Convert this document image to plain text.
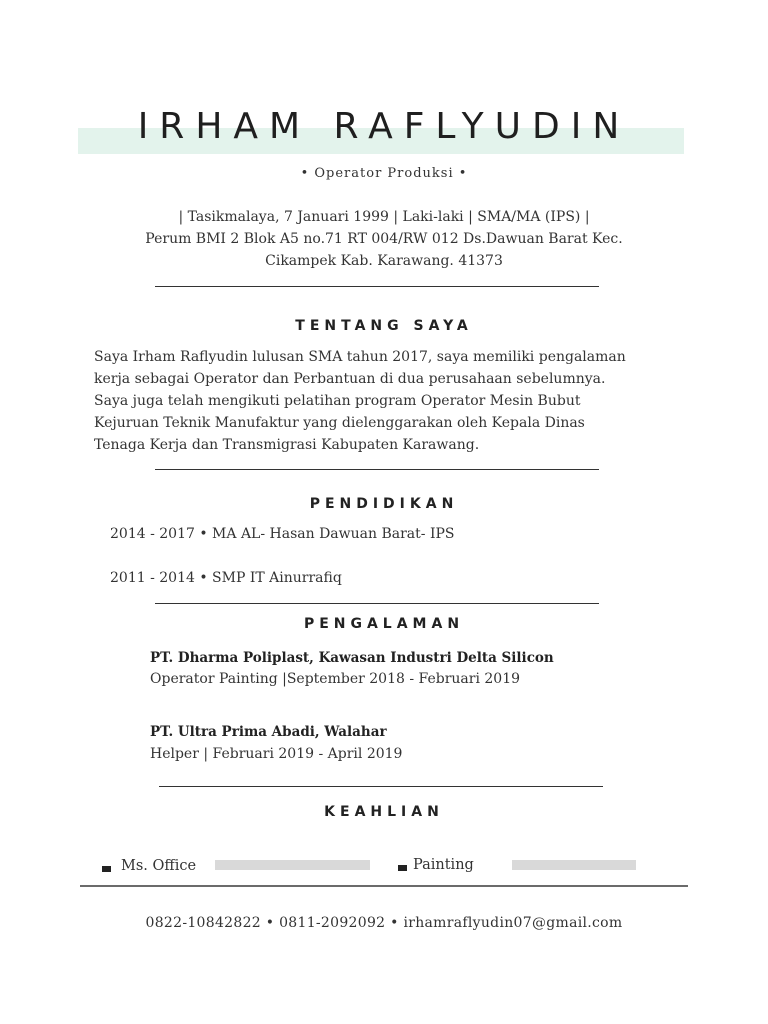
IRHAM RAFLYUDIN
• Operator Produksi •
| Tasikmalaya, 7 Januari 1999 | Laki-laki | SMA/MA (IPS) |
Perum BMI 2 Blok A5 no.71 RT 004/RW 012 Ds.Dawuan Barat Kec.
Cikampek Kab. Karawang. 41373
TENTANG SAYA
Saya Irham Raflyudin lulusan SMA tahun 2017, saya memiliki pengalaman
kerja sebagai Operator dan Perbantuan di dua perusahaan sebelumnya.
Saya juga telah mengikuti pelatihan program Operator Mesin Bubut
Kejuruan Teknik Manufaktur yang dielenggarakan oleh Kepala Dinas
Tenaga Kerja dan Transmigrasi Kabupaten Karawang.
PENDIDIKAN
2014 - 2017 • MA AL- Hasan Dawuan Barat- IPS
2011 - 2014 • SMP IT Ainurrafiq
PENGALAMAN
PT. Dharma Poliplast, Kawasan Industri Delta Silicon
Operator Painting |September 2018 - Februari 2019
PT. Ultra Prima Abadi, Walahar
Helper | Februari 2019 - April 2019
KEAHLIAN
Ms. Office	Painting
0822-10842822 • 0811-2092092 • irhamraflyudin07@gmail.com
